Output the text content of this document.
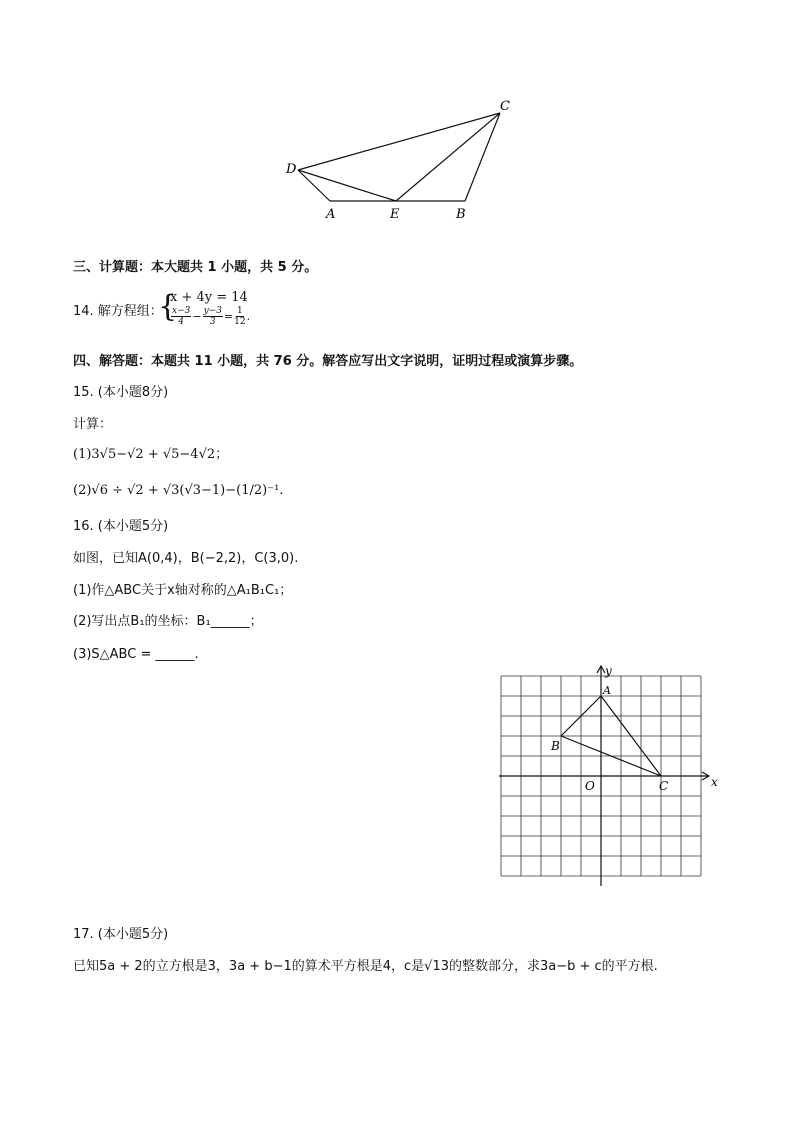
C
D
A	E	B
三、计算题：本大题共 1 小题，共 5 分。
14. 解方程组：
{
x + 4y = 14
$\frac{x-3}{4} - \frac{y-3}{3} = \frac{1}{12}$ .
四、解答题：本题共 11 小题，共 76 分。解答应写出文字说明，证明过程或演算步骤。
15. (本小题8分)
计算：
(1)3√5−√2 + √5−4√2；
(2)√6 ÷ √2 + √3(√3−1)−(1/2)⁻¹.
16. (本小题5分)
如图，已知A(0,4)，B(−2,2)，C(3,0).
(1)作△ABC关于x轴对称的△A₁B₁C₁；
(2)写出点B₁的坐标：B₁______；
(3)S△ABC = ______.
x
y
O
A
B
C
17. (本小题5分)
已知5a + 2的立方根是3，3a + b−1的算术平方根是4，c是√13的整数部分，求3a−b + c的平方根.
